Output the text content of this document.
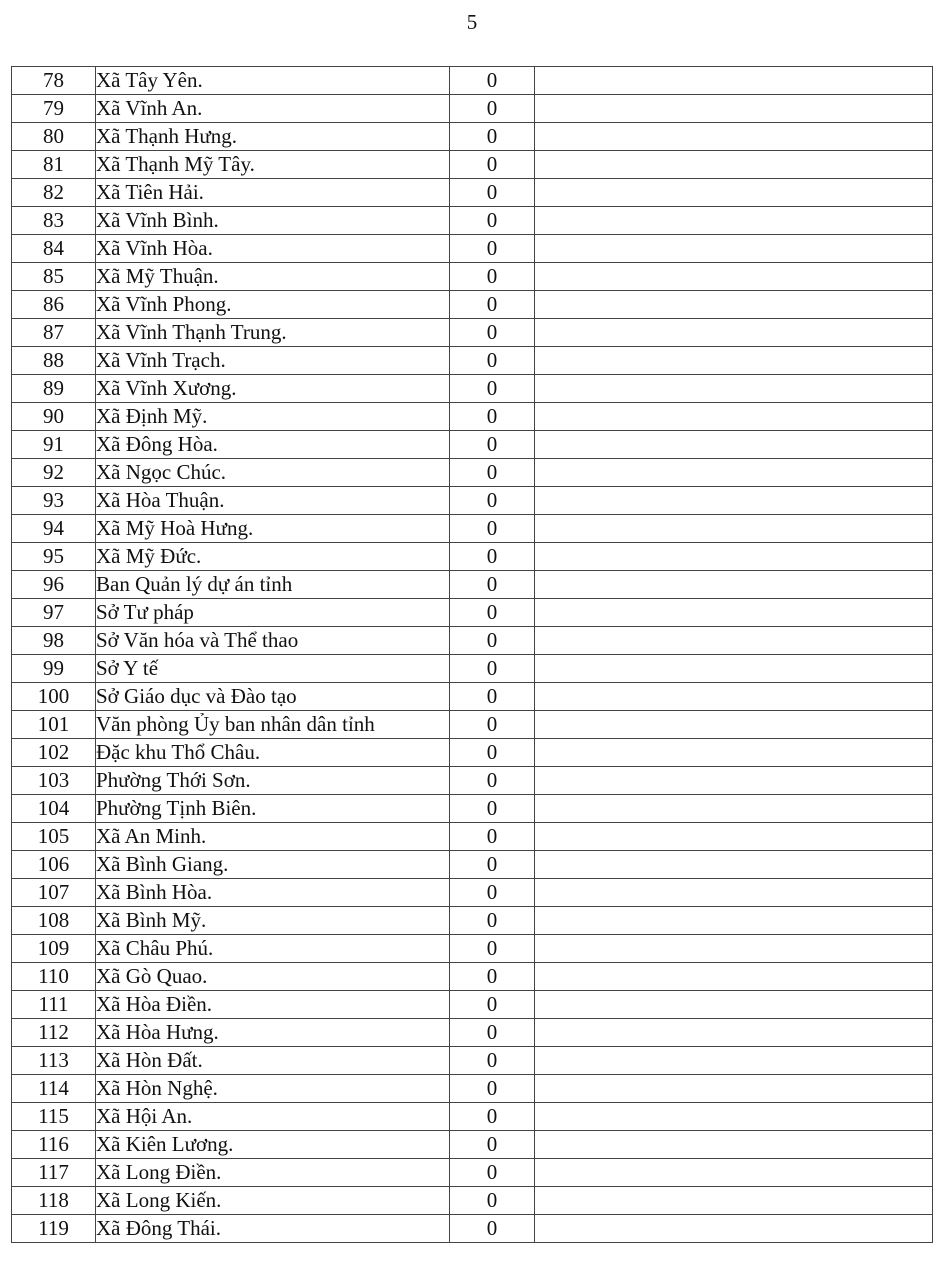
5
78	Xã Tây Yên.	0	
79	Xã Vĩnh An.	0	
80	Xã Thạnh Hưng.	0	
81	Xã Thạnh Mỹ Tây.	0	
82	Xã Tiên Hải.	0	
83	Xã Vĩnh Bình.	0	
84	Xã Vĩnh Hòa.	0	
85	Xã Mỹ Thuận.	0	
86	Xã Vĩnh Phong.	0	
87	Xã Vĩnh Thạnh Trung.	0	
88	Xã Vĩnh Trạch.	0	
89	Xã Vĩnh Xương.	0	
90	Xã Định Mỹ.	0	
91	Xã Đông Hòa.	0	
92	Xã Ngọc Chúc.	0	
93	Xã Hòa Thuận.	0	
94	Xã Mỹ Hoà Hưng.	0	
95	Xã Mỹ Đức.	0	
96	Ban Quản lý dự án tỉnh	0	
97	Sở Tư pháp	0	
98	Sở Văn hóa và Thể thao	0	
99	Sở Y tế	0	
100	Sở Giáo dục và Đào tạo	0	
101	Văn phòng Ủy ban nhân dân tỉnh	0	
102	Đặc khu Thổ Châu.	0	
103	Phường Thới Sơn.	0	
104	Phường Tịnh Biên.	0	
105	Xã An Minh.	0	
106	Xã Bình Giang.	0	
107	Xã Bình Hòa.	0	
108	Xã Bình Mỹ.	0	
109	Xã Châu Phú.	0	
110	Xã Gò Quao.	0	
111	Xã Hòa Điền.	0	
112	Xã Hòa Hưng.	0	
113	Xã Hòn Đất.	0	
114	Xã Hòn Nghệ.	0	
115	Xã Hội An.	0	
116	Xã Kiên Lương.	0	
117	Xã Long Điền.	0	
118	Xã Long Kiến.	0	
119	Xã Đông Thái.	0	
